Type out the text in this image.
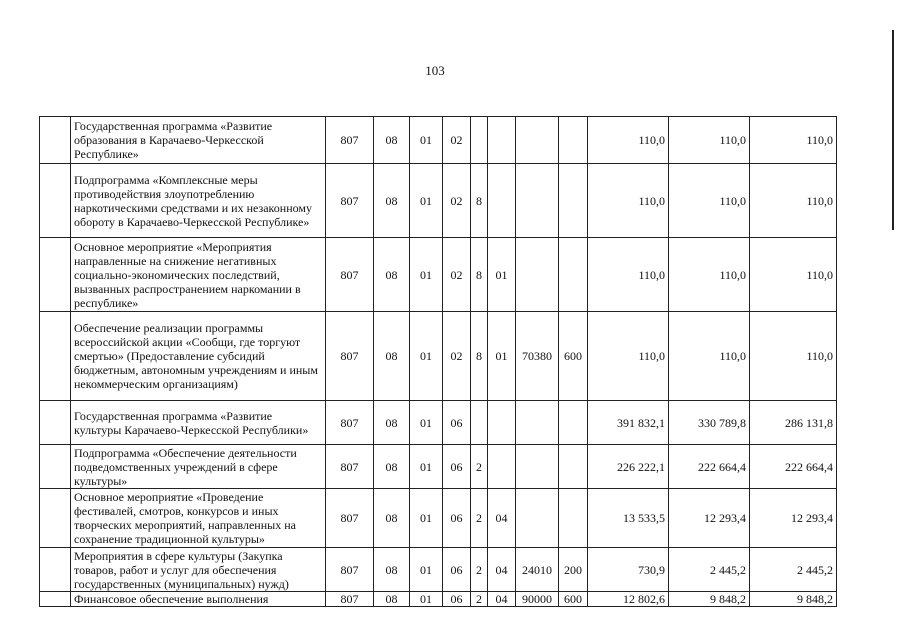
103
	Государственная программа «Развитие образования в Карачаево-Черкесской Республике»	807	08	01	02					110,0	110,0	110,0
	Подпрограмма «Комплексные меры противодействия злоупотреблению наркотическими средствами и их незаконному обороту в Карачаево-Черкесской Республике»	807	08	01	02	8				110,0	110,0	110,0
	Основное мероприятие «Мероприятия направленные на снижение негативных социально-экономических последствий, вызванных распространением наркомании в республике»	807	08	01	02	8	01			110,0	110,0	110,0
	Обеспечение реализации программы всероссийской акции «Сообщи, где торгуют смертью» (Предоставление субсидий бюджетным, автономным учреждениям и иным некоммерческим организациям)	807	08	01	02	8	01	70380	600	110,0	110,0	110,0
	Государственная программа «Развитие культуры Карачаево-Черкесской Республики»	807	08	01	06					391 832,1	330 789,8	286 131,8
	Подпрограмма «Обеспечение деятельности подведомственных учреждений в сфере культуры»	807	08	01	06	2				226 222,1	222 664,4	222 664,4
	Основное мероприятие «Проведение фестивалей, смотров, конкурсов и иных творческих мероприятий, направленных на сохранение традиционной культуры»	807	08	01	06	2	04			13 533,5	12 293,4	12 293,4
	Мероприятия в сфере культуры (Закупка товаров, работ и услуг для обеспечения государственных (муниципальных) нужд)	807	08	01	06	2	04	24010	200	730,9	2 445,2	2 445,2
	Финансовое обеспечение выполнения	807	08	01	06	2	04	90000	600	12 802,6	9 848,2	9 848,2
